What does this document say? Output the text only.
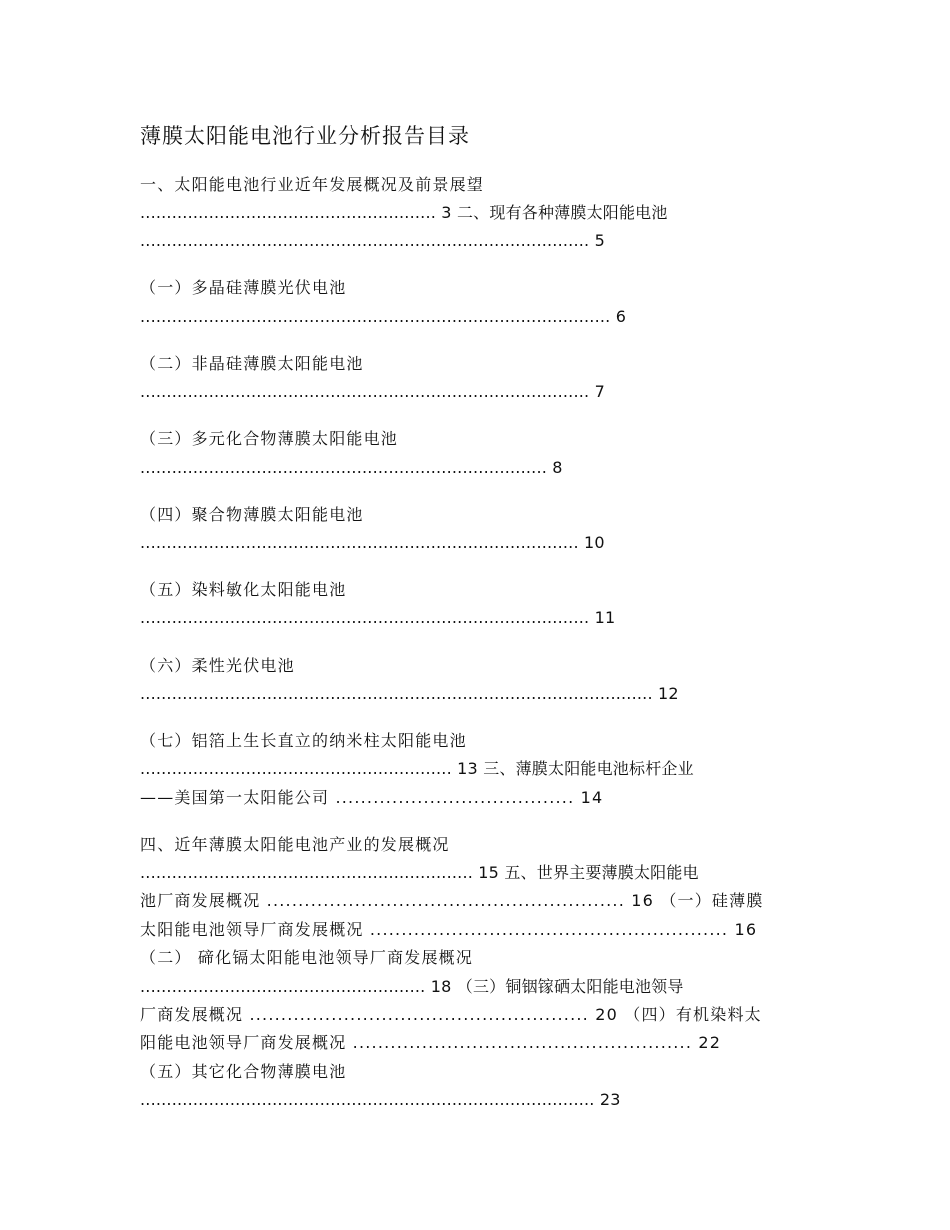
薄膜太阳能电池行业分析报告目录
一、太阳能电池行业近年发展概况及前景展望
........................................................ 3 二、现有各种薄膜太阳能电池
..................................................................................... 5
（一）多晶硅薄膜光伏电池
......................................................................................... 6
（二）非晶硅薄膜太阳能电池
..................................................................................... 7
（三）多元化合物薄膜太阳能电池
............................................................................. 8
（四）聚合物薄膜太阳能电池
................................................................................... 10
（五）染料敏化太阳能电池
..................................................................................... 11
（六）柔性光伏电池
................................................................................................. 12
（七）铝箔上生长直立的纳米柱太阳能电池
........................................................... 13 三、薄膜太阳能电池标杆企业
——美国第一太阳能公司 ...................................... 14
四、近年薄膜太阳能电池产业的发展概况
............................................................... 15 五、世界主要薄膜太阳能电
池厂商发展概况 ......................................................... 16 （一）硅薄膜
太阳能电池领导厂商发展概况 ......................................................... 16
（二） 碲化镉太阳能电池领导厂商发展概况
...................................................... 18 （三）铜铟镓硒太阳能电池领导
厂商发展概况 ...................................................... 20 （四）有机染料太
阳能电池领导厂商发展概况 ...................................................... 22
（五）其它化合物薄膜电池
...................................................................................... 23
